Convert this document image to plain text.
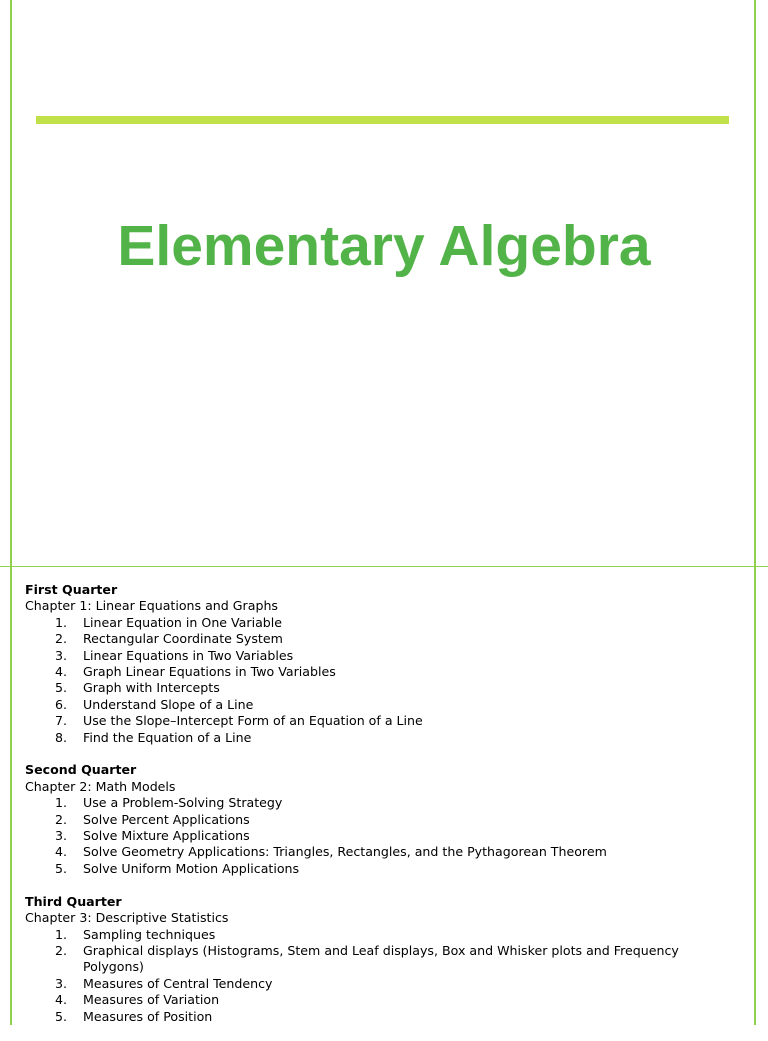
Elementary Algebra
First Quarter
Chapter 1: Linear Equations and Graphs
1.	Linear Equation in One Variable
2.	Rectangular Coordinate System
3.	Linear Equations in Two Variables
4.	Graph Linear Equations in Two Variables
5.	Graph with Intercepts
6.	Understand Slope of a Line
7.	Use the Slope–Intercept Form of an Equation of a Line
8.	Find the Equation of a Line
Second Quarter
Chapter 2: Math Models
1.	Use a Problem-Solving Strategy
2.	Solve Percent Applications
3.	Solve Mixture Applications
4.	Solve Geometry Applications: Triangles, Rectangles, and the Pythagorean Theorem
5.	Solve Uniform Motion Applications
Third Quarter
Chapter 3: Descriptive Statistics
1.	Sampling techniques
2.	Graphical displays (Histograms, Stem and Leaf displays, Box and Whisker plots and Frequency Polygons)
3.	Measures of Central Tendency
4.	Measures of Variation
5.	Measures of Position
